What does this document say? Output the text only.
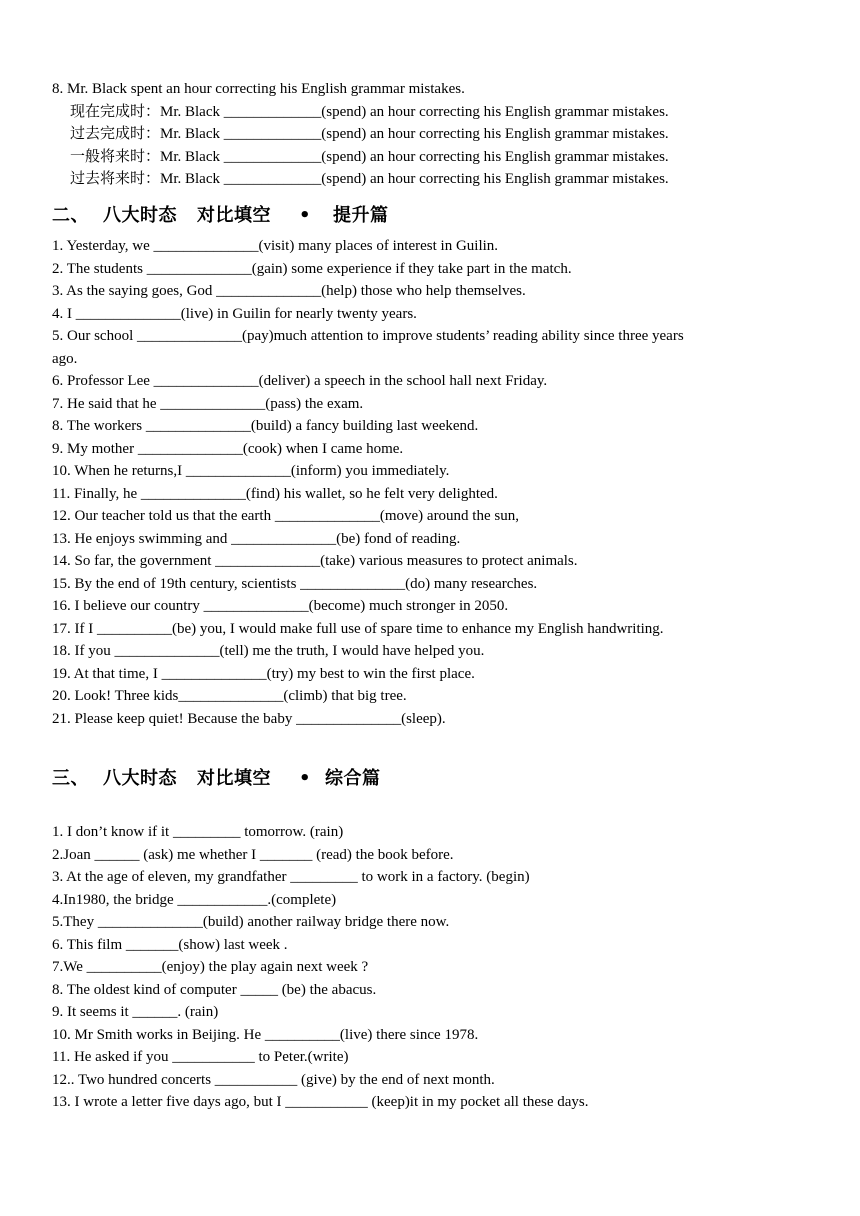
8. Mr. Black spent an hour correcting his English grammar mistakes.
现在完成时：Mr. Black _____________(spend) an hour correcting his English grammar mistakes.
过去完成时：Mr. Black _____________(spend) an hour correcting his English grammar mistakes.
一般将来时：Mr. Black _____________(spend) an hour correcting his English grammar mistakes.
过去将来时：Mr. Black _____________(spend) an hour correcting his English grammar mistakes.
二、 八大时态 对比填空 • 提升篇
1. Yesterday, we ______________(visit) many places of interest in Guilin.
2. The students ______________(gain) some experience if they take part in the match.
3. As the saying goes, God ______________(help) those who help themselves.
4. I ______________(live) in Guilin for nearly twenty years.
5. Our school ______________(pay)much attention to improve students’ reading ability since three years
ago.
6. Professor Lee ______________(deliver) a speech in the school hall next Friday.
7. He said that he ______________(pass) the exam.
8. The workers ______________(build) a fancy building last weekend.
9. My mother ______________(cook) when I came home.
10. When he returns,I ______________(inform) you immediately.
11. Finally, he ______________(find) his wallet, so he felt very delighted.
12. Our teacher told us that the earth ______________(move) around the sun,
13. He enjoys swimming and ______________(be) fond of reading.
14. So far, the government ______________(take) various measures to protect animals.
15. By the end of 19th century, scientists ______________(do) many researches.
16. I believe our country ______________(become) much stronger in 2050.
17. If I __________(be) you, I would make full use of spare time to enhance my English handwriting.
18. If you ______________(tell) me the truth, I would have helped you.
19. At that time, I ______________(try) my best to win the first place.
20. Look! Three kids______________(climb) that big tree.
21. Please keep quiet! Because the baby ______________(sleep).
三、 八大时态 对比填空 • 综合篇
1. I don’t know if it _________ tomorrow. (rain)
2.Joan ______ (ask) me whether I _______ (read) the book before.
3. At the age of eleven, my grandfather _________ to work in a factory. (begin)
4.In1980, the bridge ____________.(complete)
5.They ______________(build) another railway bridge there now.
6. This film _______(show) last week .
7.We __________(enjoy) the play again next week ?
8. The oldest kind of computer _____ (be) the abacus.
9. It seems it ______. (rain)
10. Mr Smith works in Beijing. He __________(live) there since 1978.
11. He asked if you ___________ to Peter.(write)
12.. Two hundred concerts ___________ (give) by the end of next month.
13. I wrote a letter five days ago, but I ___________ (keep)it in my pocket all these days.
